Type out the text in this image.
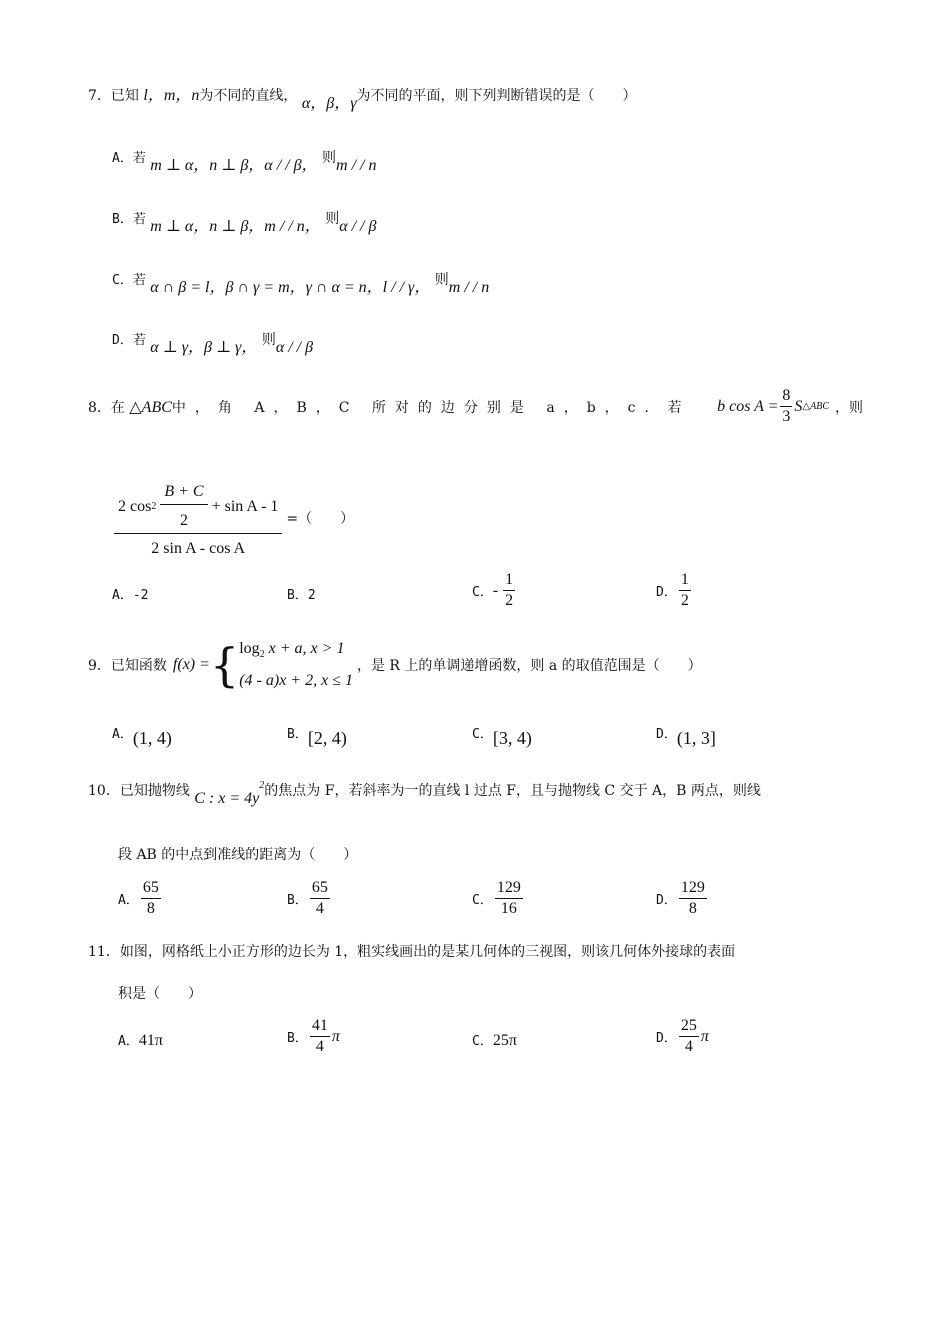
7．已知 l，m，n为不同的直线， α，β，γ为不同的平面，则下列判断错误的是（　　）
A．若 m ⊥ α，n ⊥ β，α / / β， 则m / / n
B．若 m ⊥ α，n ⊥ β，m / / n， 则α / / β
C．若 α ∩ β = l，β ∩ γ = m，γ ∩ α = n，l / / γ， 则m / / n
D．若 α ⊥ γ，β ⊥ γ， 则α / / β
8．在 △ABC中，角 A，B，C 所对的边分别是 a，b，c．若 b $\cos A = \frac{8}{3}$ S △ABC ，则
2 $\cos 2 \frac{B + C}{2} + \sin A - 1$
2 sin A - cos A
=（　　）
A．-2	B．2	C． - $\frac{1}{2}$	D． $\frac{1}{2}$
9．已知函数 f(x) = { $\log_2 x + a$, x > 1
(4 - a)x + 2, x ≤ 1
，是 R 上的单调递增函数，则 a 的取值范围是（　　）
A．(1, 4)	B．[2, 4)	C．[3, 4)	D．(1, 3]
10．已知抛物线 C : $x = 4y^2$的焦点为 F，若斜率为一的直线 l 过点 F，且与抛物线 C 交于 A，B 两点，则线
段 AB 的中点到准线的距离为（　　）
A． $\frac{65}{8}$	B． $\frac{65}{4}$	C． $\frac{129}{16}$	D． $\frac{129}{8}$
11．如图，网格纸上小正方形的边长为 1，粗实线画出的是某几何体的三视图，则该几何体外接球的表面
积是（　　）
A．41π	B． $\frac{41}{4}$ π	C．25π	D． $\frac{25}{4}$ π
